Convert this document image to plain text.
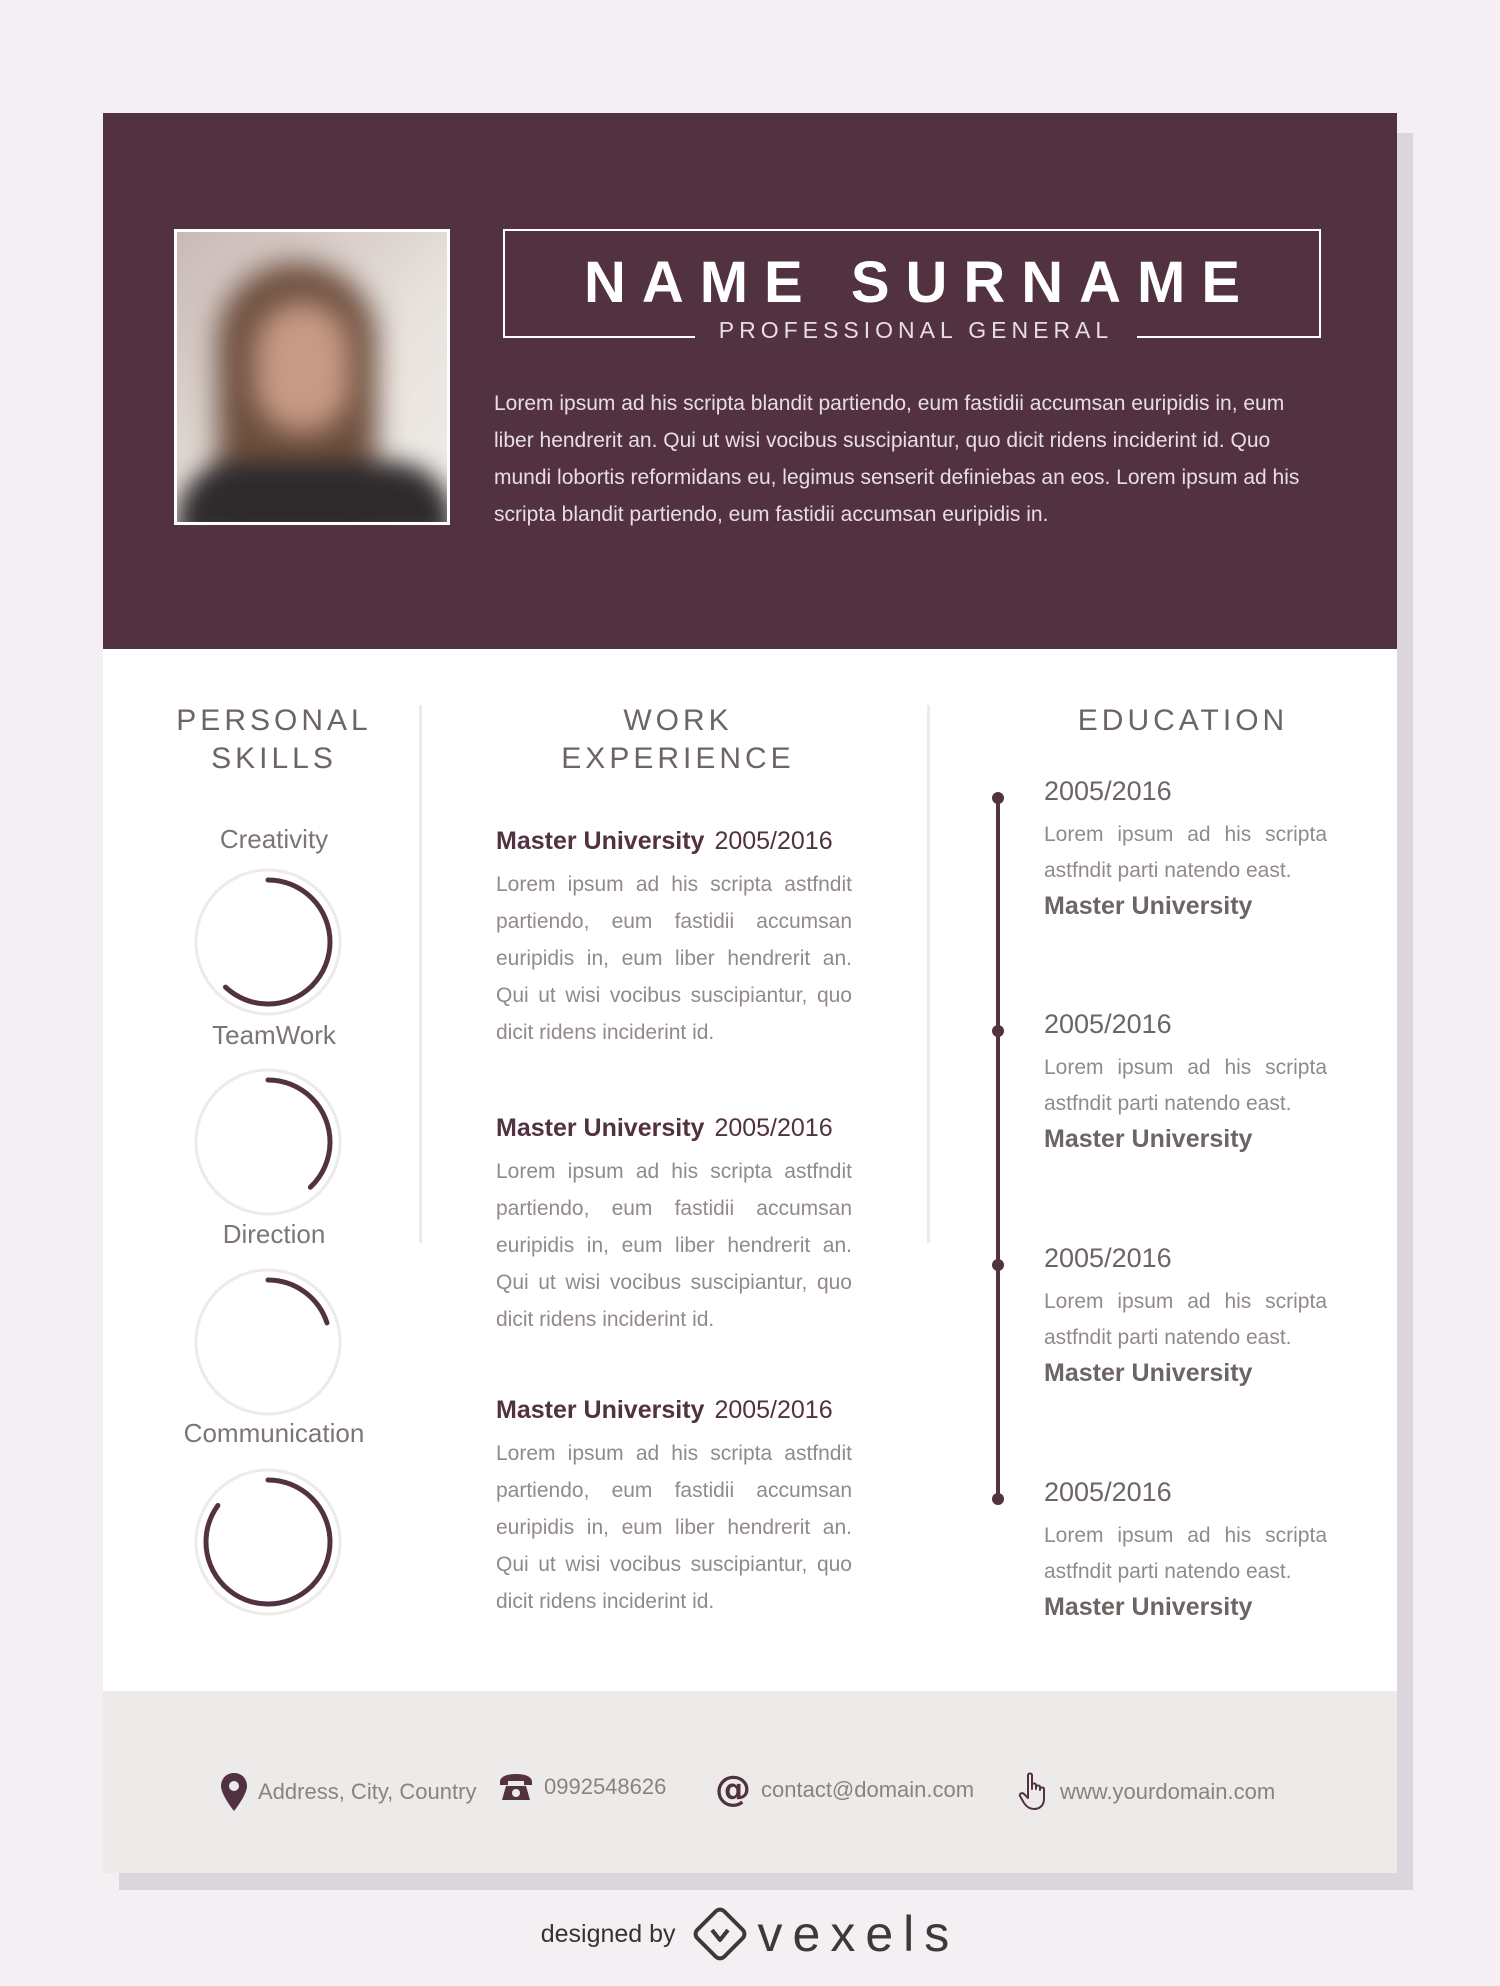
NAME SURNAME
PROFESSIONAL GENERAL
Lorem ipsum ad his scripta blandit partiendo, eum fastidii accumsan euripidis in, eum liber hendrerit an. Qui ut wisi vocibus suscipiantur, quo dicit ridens inciderint id. Quo mundi lobortis reformidans eu, legimus senserit definiebas an eos. Lorem ipsum ad his scripta blandit partiendo, eum fastidii accumsan euripidis in.
PERSONAL
SKILLS
Creativity
TeamWork
Direction
Communication
WORK
EXPERIENCE
Master University 2005/2016
Lorem ipsum ad his scripta astfndit partiendo, eum fastidii accumsan euripidis in, eum liber hendrerit an. Qui ut wisi vocibus suscipiantur, quo dicit ridens inciderint id.
Master University 2005/2016
Lorem ipsum ad his scripta astfndit partiendo, eum fastidii accumsan euripidis in, eum liber hendrerit an. Qui ut wisi vocibus suscipiantur, quo dicit ridens inciderint id.
Master University 2005/2016
Lorem ipsum ad his scripta astfndit partiendo, eum fastidii accumsan euripidis in, eum liber hendrerit an. Qui ut wisi vocibus suscipiantur, quo dicit ridens inciderint id.
EDUCATION
2005/2016
Lorem ipsum ad his scripta astfndit parti natendo east.
Master University
2005/2016
Lorem ipsum ad his scripta astfndit parti natendo east.
Master University
2005/2016
Lorem ipsum ad his scripta astfndit parti natendo east.
Master University
2005/2016
Lorem ipsum ad his scripta astfndit parti natendo east.
Master University
Address, City, Country	0992548626 @ contact@domain.com	www.yourdomain.com
designed by vexels
